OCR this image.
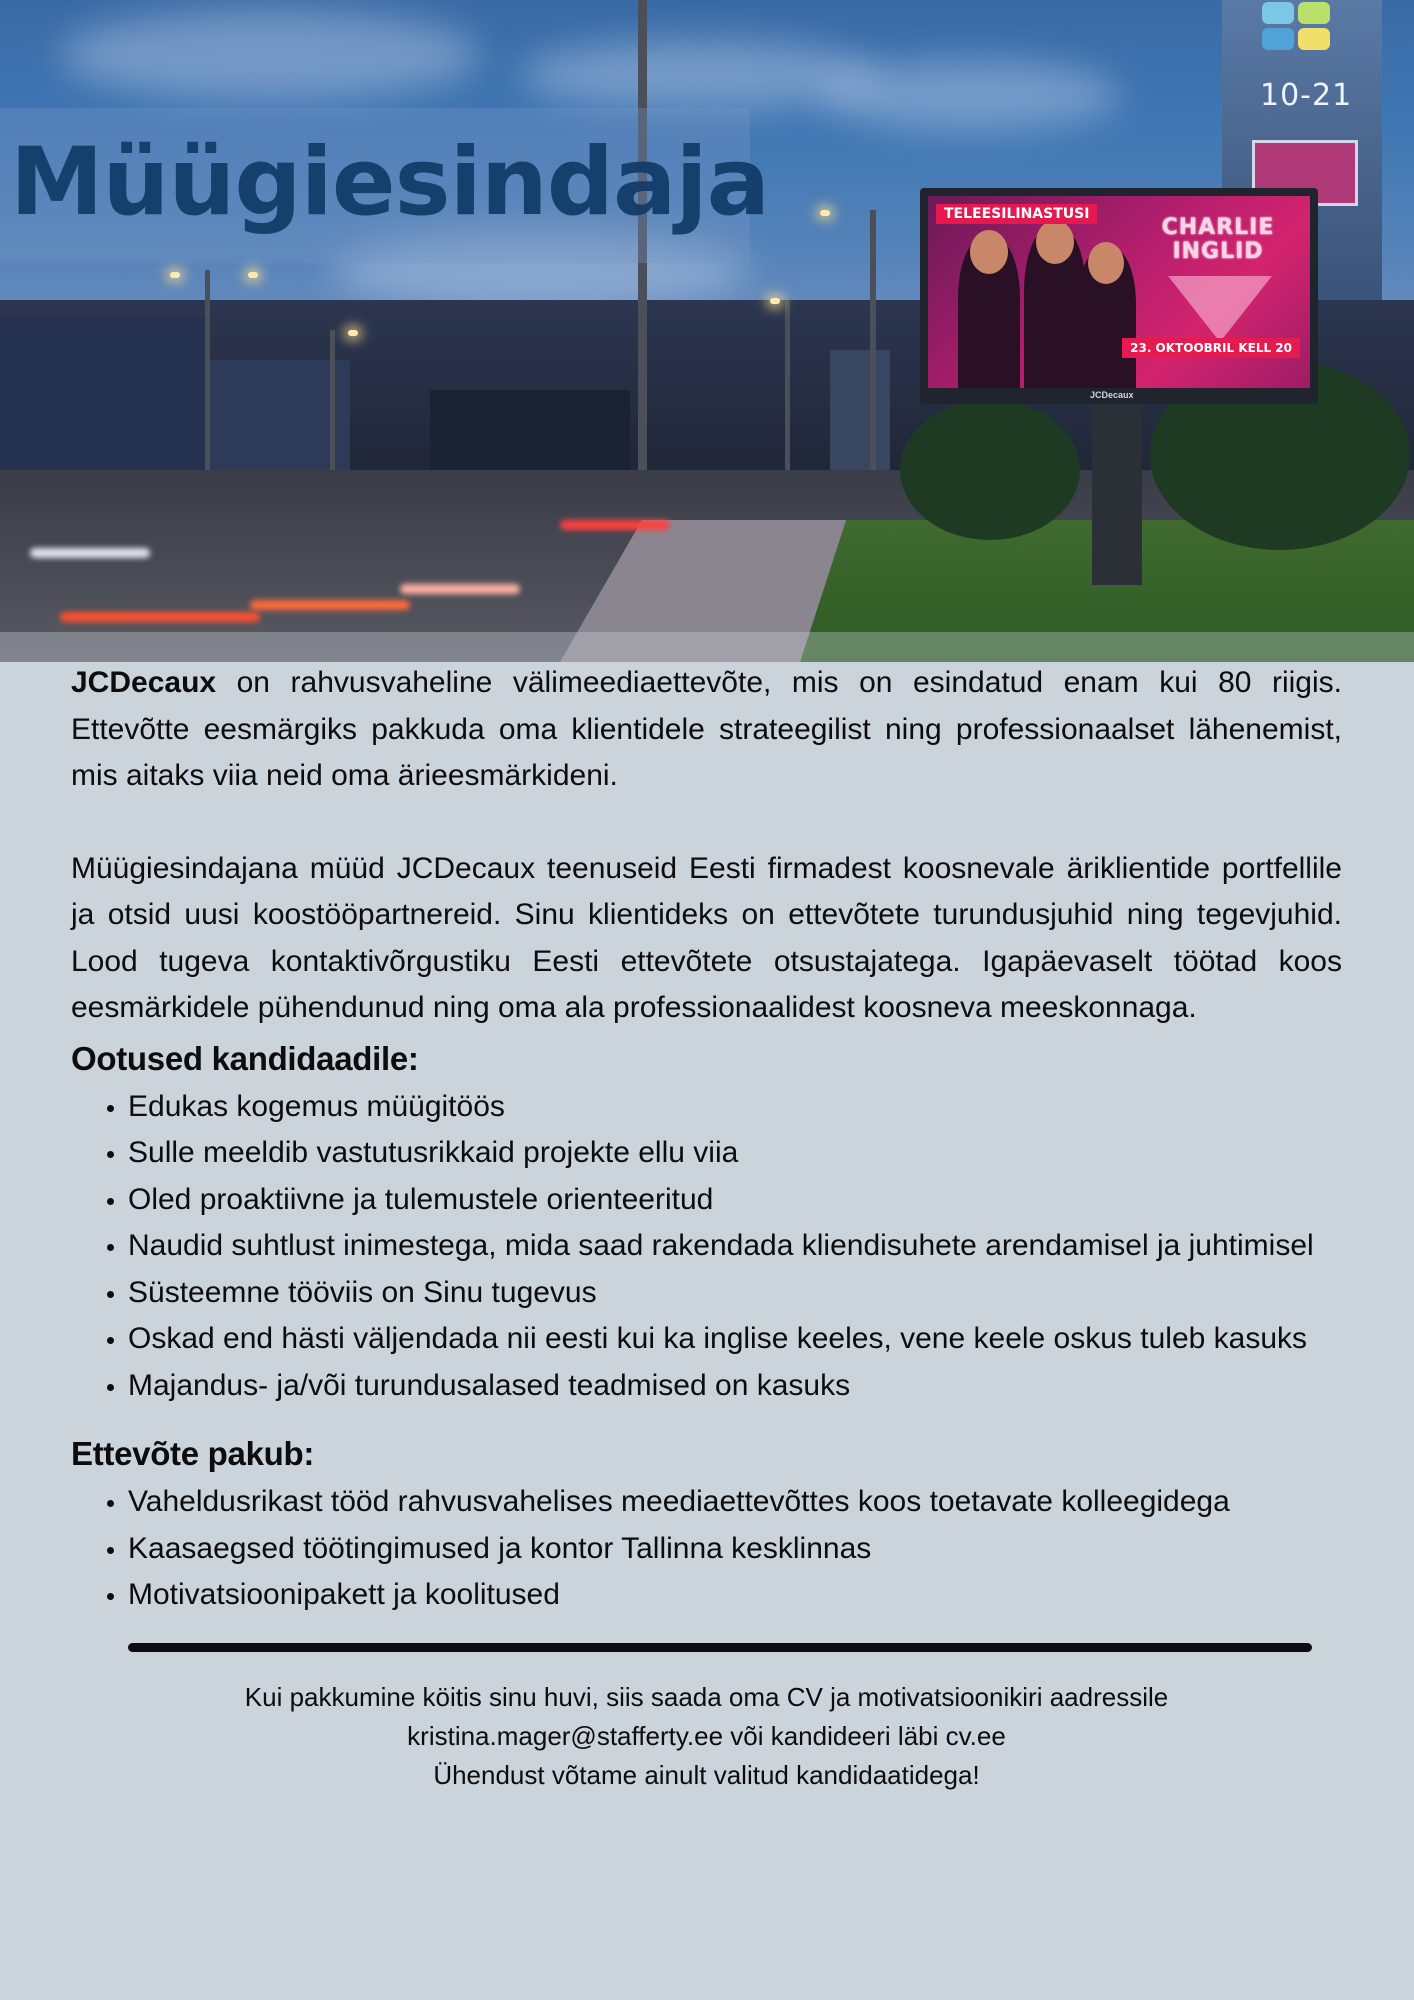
10-21
TELEESILINASTUSI
CHARLIE
INGLID
23. OKTOOBRIL KELL 20
JCDecaux
Müügiesindaja

JCDecaux on rahvusvaheline välimeediaettevõte, mis on esindatud enam kui 80 riigis. Ettevõtte eesmärgiks pakkuda oma klientidele strateegilist ning professionaalset lähenemist, mis aitaks viia neid oma ärieesmärkideni.

Müügiesindajana müüd JCDecaux teenuseid Eesti firmadest koosnevale äriklientide portfellile ja otsid uusi koostööpartnereid. Sinu klientideks on ettevõtete turundusjuhid ning tegevjuhid. Lood tugeva kontaktivõrgustiku Eesti ettevõtete otsustajatega. Igapäevaselt töötad koos eesmärkidele pühendunud ning oma ala professionaalidest koosneva meeskonnaga.

Ootused kandidaadile:
• Edukas kogemus müügitöös
• Sulle meeldib vastutusrikkaid projekte ellu viia
• Oled proaktiivne ja tulemustele orienteeritud
• Naudid suhtlust inimestega, mida saad rakendada kliendisuhete arendamisel ja juhtimisel
• Süsteemne tööviis on Sinu tugevus
• Oskad end hästi väljendada nii eesti kui ka inglise keeles, vene keele oskus tuleb kasuks
• Majandus- ja/või turundusalased teadmised on kasuks
Ettevõte pakub:
• Vaheldusrikast tööd rahvusvahelises meediaettevõttes koos toetavate kolleegidega
• Kaasaegsed töötingimused ja kontor Tallinna kesklinnas
• Motivatsioonipakett ja koolitused
Kui pakkumine köitis sinu huvi, siis saada oma CV ja motivatsioonikiri aadressile
kristina.mager@stafferty.ee või kandideeri läbi cv.ee
Ühendust võtame ainult valitud kandidaatidega!
